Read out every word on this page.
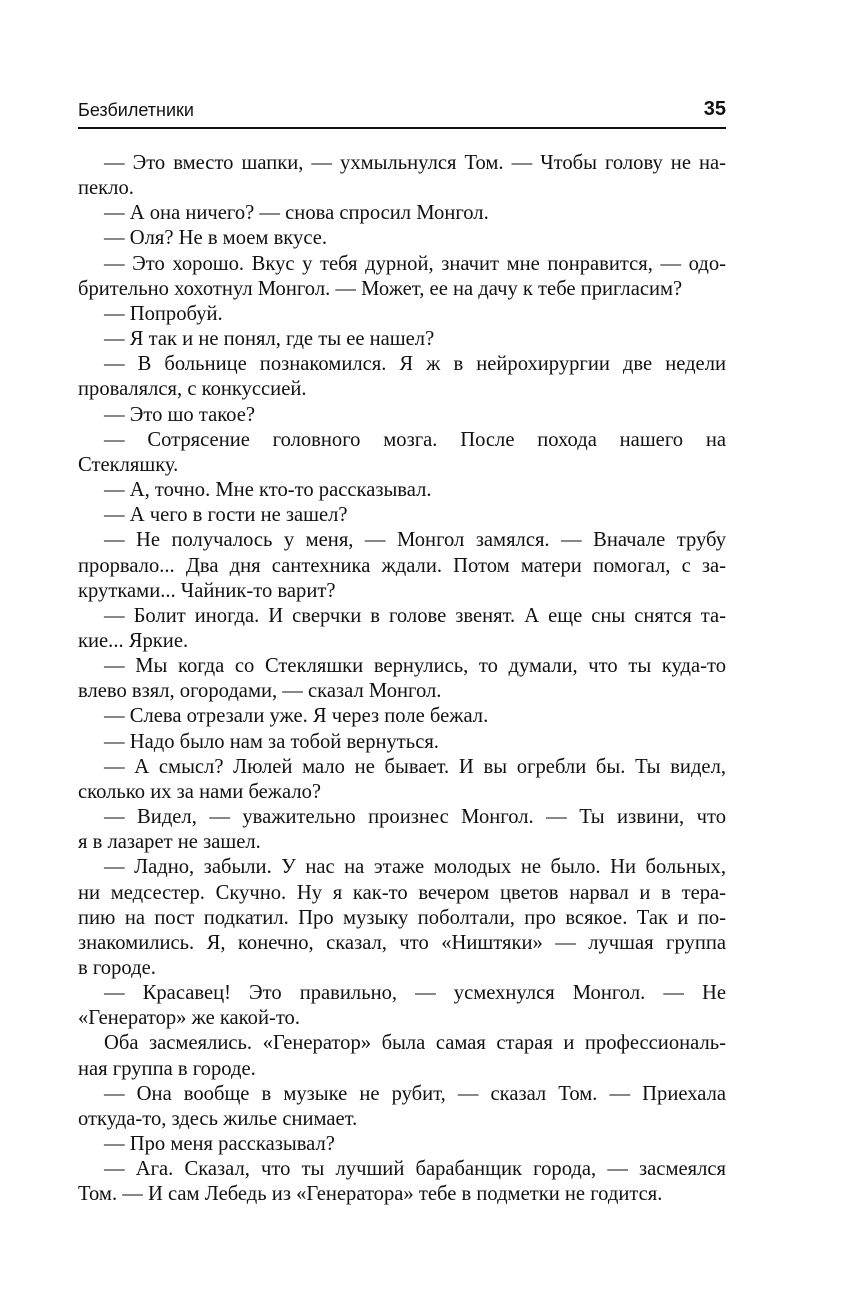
Безбилетники	35

— Это вместо шапки, — ухмыльнулся Том. — Чтобы голову не на-
пекло.

— А она ничего? — снова спросил Монгол.

— Оля? Не в моем вкусе.

— Это хорошо. Вкус у тебя дурной, значит мне понравится, — одо-
брительно хохотнул Монгол. — Может, ее на дачу к тебе пригласим?

— Попробуй.

— Я так и не понял, где ты ее нашел?

— В больнице познакомился. Я ж в нейрохирургии две недели
провалялся, с конкуссией.

— Это шо такое?

— Сотрясение головного мозга. После похода нашего на
Стекляшку.

— А, точно. Мне кто-то рассказывал.

— А чего в гости не зашел?

— Не получалось у меня, — Монгол замялся. — Вначале трубу
прорвало... Два дня сантехника ждали. Потом матери помогал, с за-
крутками... Чайник-то варит?

— Болит иногда. И сверчки в голове звенят. А еще сны снятся та-
кие... Яркие.

— Мы когда со Стекляшки вернулись, то думали, что ты куда-то
влево взял, огородами, — сказал Монгол.

— Слева отрезали уже. Я через поле бежал.

— Надо было нам за тобой вернуться.

— А смысл? Люлей мало не бывает. И вы огребли бы. Ты видел,
сколько их за нами бежало?

— Видел, — уважительно произнес Монгол. — Ты извини, что
я в лазарет не зашел.

— Ладно, забыли. У нас на этаже молодых не было. Ни больных,
ни медсестер. Скучно. Ну я как-то вечером цветов нарвал и в тера-
пию на пост подкатил. Про музыку поболтали, про всякое. Так и по-
знакомились. Я, конечно, сказал, что «Ништяки» — лучшая группа
в городе.

— Красавец! Это правильно, — усмехнулся Монгол. — Не
«Генератор» же какой-то.

Оба засмеялись. «Генератор» была самая старая и профессиональ-
ная группа в городе.

— Она вообще в музыке не рубит, — сказал Том. — Приехала
откуда-то, здесь жилье снимает.

— Про меня рассказывал?

— Ага. Сказал, что ты лучший барабанщик города, — засмеялся
Том. — И сам Лебедь из «Генератора» тебе в подметки не годится.
